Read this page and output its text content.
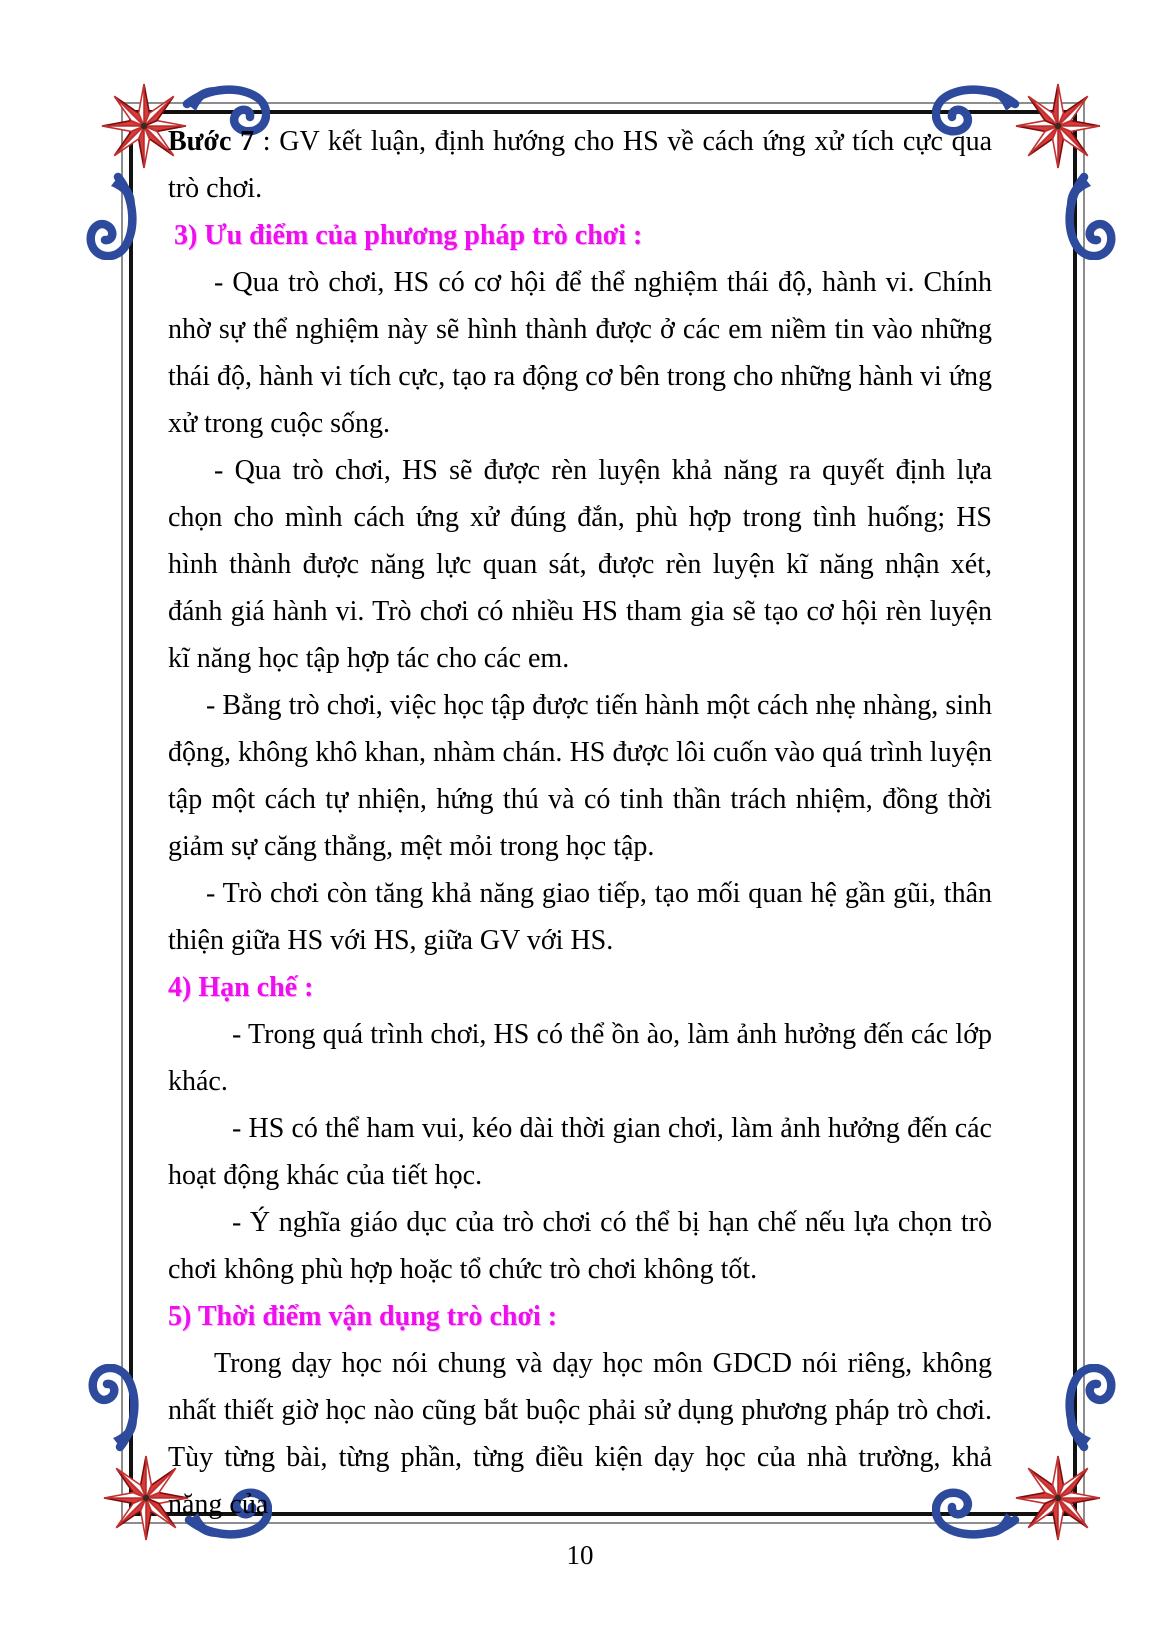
Bước 7 : GV kết luận, định hướng cho HS về cách ứng xử tích cực qua trò chơi.

3) Ưu điểm của phương pháp trò chơi :

- Qua trò chơi, HS có cơ hội để thể nghiệm thái độ, hành vi. Chính nhờ sự thể nghiệm này sẽ hình thành được ở các em niềm tin vào những thái độ, hành vi tích cực, tạo ra động cơ bên trong cho những hành vi ứng xử trong cuộc sống.

- Qua trò chơi, HS sẽ được rèn luyện khả năng ra quyết định lựa chọn cho mình cách ứng xử đúng đắn, phù hợp trong tình huống; HS hình thành được năng lực quan sát, được rèn luyện kĩ năng nhận xét, đánh giá hành vi. Trò chơi có nhiều HS tham gia sẽ tạo cơ hội rèn luyện kĩ năng học tập hợp tác cho các em.

- Bằng trò chơi, việc học tập được tiến hành một cách nhẹ nhàng, sinh động, không khô khan, nhàm chán. HS được lôi cuốn vào quá trình luyện tập một cách tự nhiện, hứng thú và có tinh thần trách nhiệm, đồng thời giảm sự căng thẳng, mệt mỏi trong học tập.

- Trò chơi còn tăng khả năng giao tiếp, tạo mối quan hệ gần gũi, thân thiện giữa HS với HS, giữa GV với HS.

4) Hạn chế :

- Trong quá trình chơi, HS có thể ồn ào, làm ảnh hưởng đến các lớp khác.

- HS có thể ham vui, kéo dài thời gian chơi, làm ảnh hưởng đến các hoạt động khác của tiết học.

- Ý nghĩa giáo dục của trò chơi có thể bị hạn chế nếu lựa chọn trò chơi không phù hợp hoặc tổ chức trò chơi không tốt.

5) Thời điểm vận dụng trò chơi :

Trong dạy học nói chung và dạy học môn GDCD nói riêng, không nhất thiết giờ học nào cũng bắt buộc phải sử dụng phương pháp trò chơi. Tùy từng bài, từng phần, từng điều kiện dạy học của nhà trường, khả năng của

10
